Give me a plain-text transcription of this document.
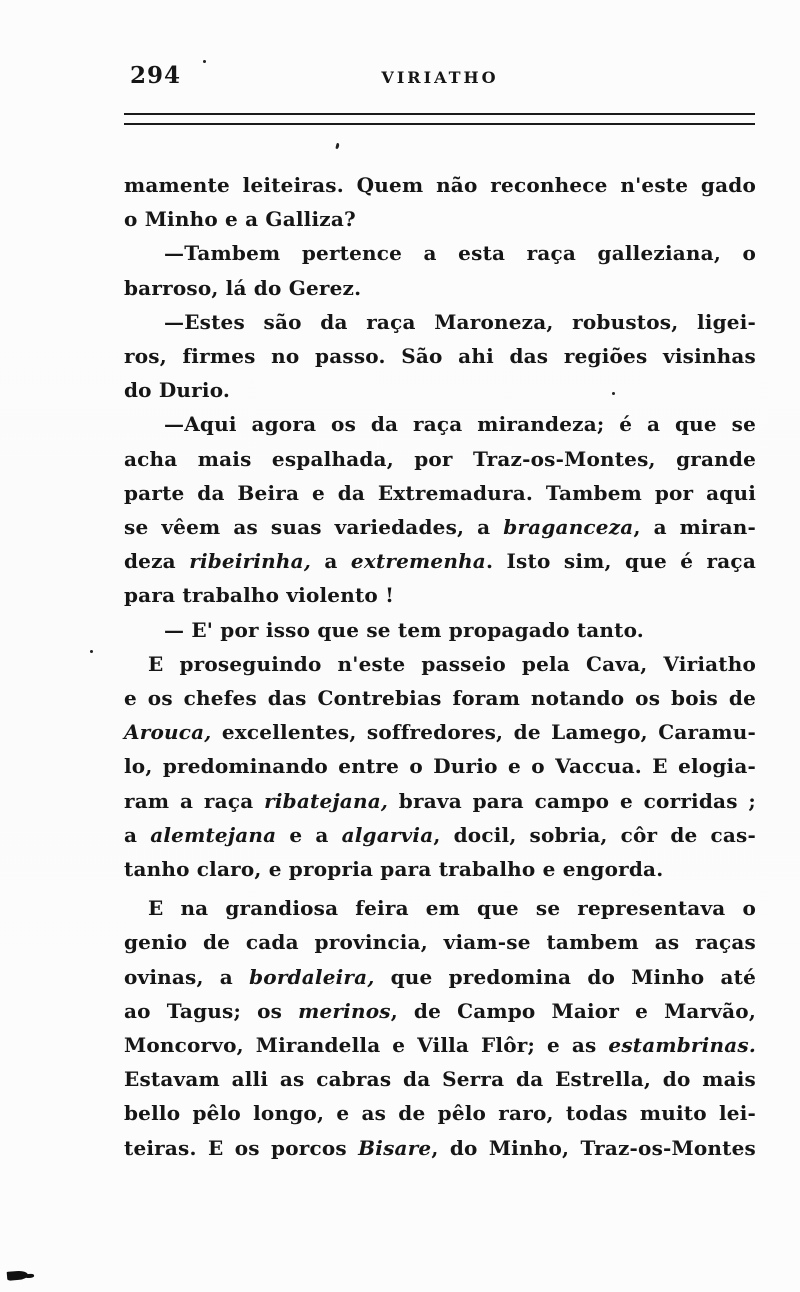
294	VIRIATHO
mamente leiteiras. Quem não reconhece n'este gado
o Minho e a Galliza?
—Tambem pertence a esta raça galleziana, o
barroso, lá do Gerez.
—Estes são da raça Maroneza, robustos, ligei-
ros, firmes no passo. São ahi das regiões visinhas
do Durio.
—Aqui agora os da raça mirandeza; é a que se
acha mais espalhada, por Traz-os-Montes, grande
parte da Beira e da Extremadura. Tambem por aqui
se vêem as suas variedades, a braganceza, a miran-
deza ribeirinha, a extremenha. Isto sim, que é raça
para trabalho violento !
— E' por isso que se tem propagado tanto.
E proseguindo n'este passeio pela Cava, Viriatho
e os chefes das Contrebias foram notando os bois de
Arouca, excellentes, soffredores, de Lamego, Caramu-
lo, predominando entre o Durio e o Vaccua. E elogia-
ram a raça ribatejana, brava para campo e corridas ;
a alemtejana e a algarvia, docil, sobria, côr de cas-
tanho claro, e propria para trabalho e engorda.
E na grandiosa feira em que se representava o
genio de cada provincia, viam-se tambem as raças
ovinas, a bordaleira, que predomina do Minho até
ao Tagus; os merinos, de Campo Maior e Marvão,
Moncorvo, Mirandella e Villa Flôr; e as estambrinas.
Estavam alli as cabras da Serra da Estrella, do mais
bello pêlo longo, e as de pêlo raro, todas muito lei-
teiras. E os porcos Bisare, do Minho, Traz-os-Montes
